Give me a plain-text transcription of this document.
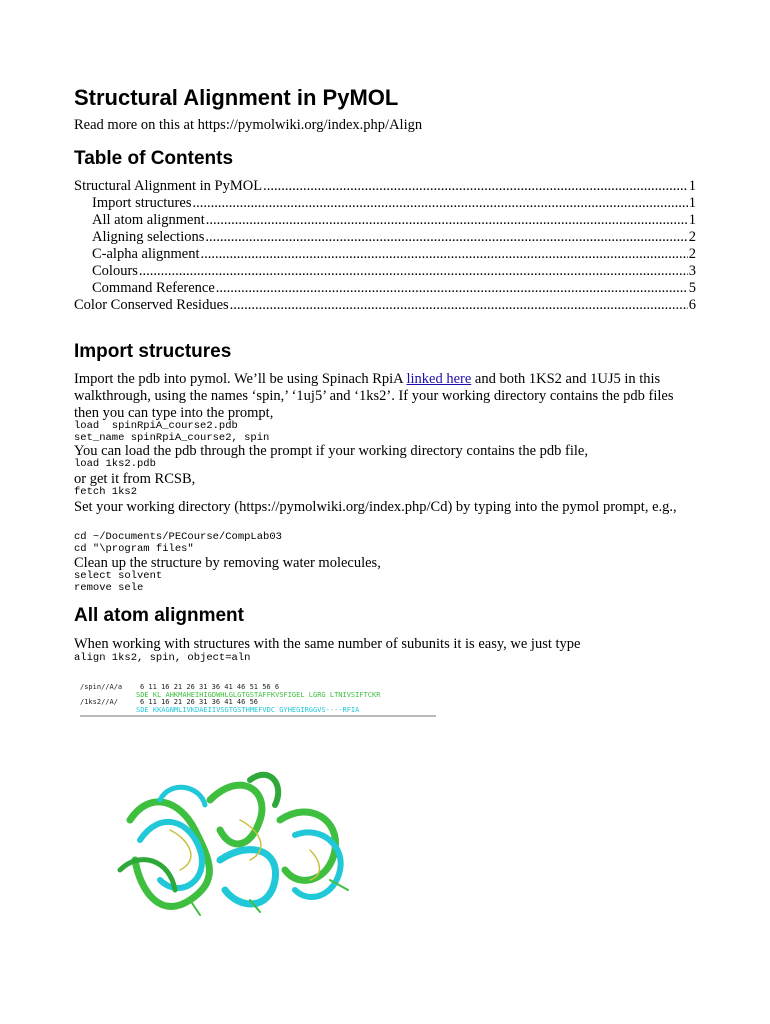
Structural Alignment in PyMOL
Read more on this at https://pymolwiki.org/index.php/Align
Table of Contents
Structural Alignment in PyMOL .....	1
Import structures .....	1
All atom alignment .....	1
Aligning selections .....	2
C-alpha alignment .....	2
Colours .....	3
Command Reference .....	5
Color Conserved Residues .....	6
Import structures
Import the pdb into pymol. We’ll be using Spinach RpiA linked here and both 1KS2 and 1UJ5 in this walkthrough, using the names ‘spin,’ ‘1uj5’ and ‘1ks2’. If your working directory contains the pdb files then you can type into the prompt,
load  spinRpiA_course2.pdb
set_name spinRpiA_course2, spin
You can load the pdb through the prompt if your working directory contains the pdb file,
load 1ks2.pdb
or get it from RCSB,
fetch 1ks2
Set your working directory (https://pymolwiki.org/index.php/Cd) by typing into the pymol prompt, e.g.,
cd ~/Documents/PECourse/CompLab03
cd "\program files"
Clean up the structure by removing water molecules,
select solvent
remove sele
All atom alignment
When working with structures with the same number of subunits it is easy, we just type
align 1ks2, spin, object=aln
/spin//A/a	6 11 16 21 26 31 36 41 46 51 56 6
SDE KL AHKMAHEIHIGDWHLGLGTGSTAFFKVSFIGEL LGRG LTNIVSIFTCKR
/1ks2//A/	6 11 16 21 26 31 36 41 46 56
SDE KKAGNMLIVKDAEIIVSGTGSTHMEFVDC GYHEGIRGGVS----RFIA
